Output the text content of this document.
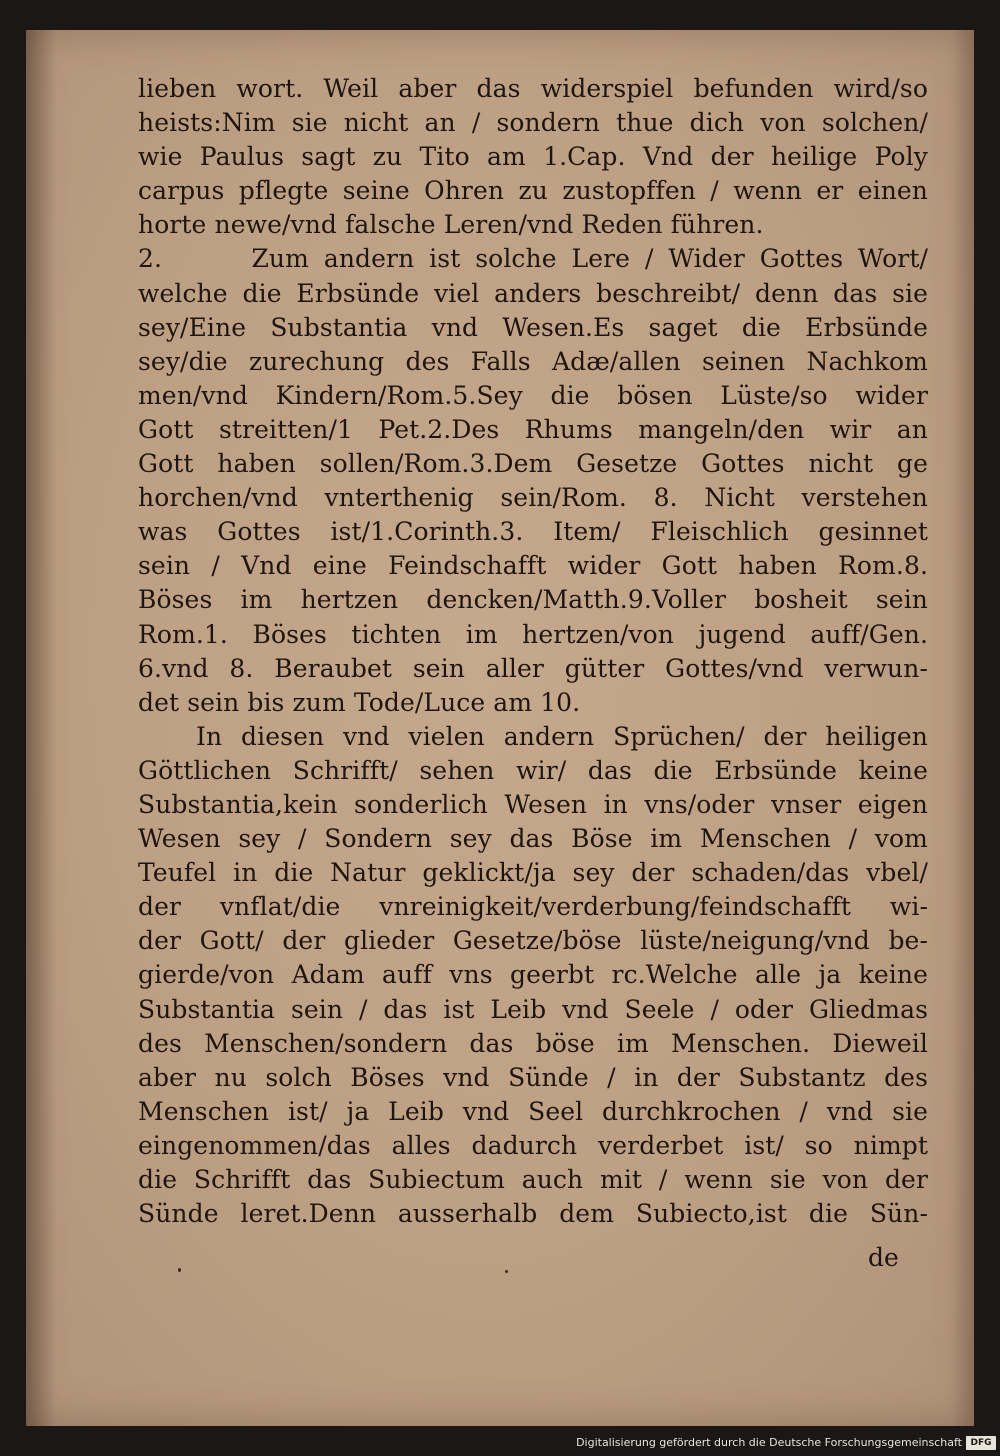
lieben wort. Weil aber das widerspiel befunden wird/so
heists:Nim sie nicht an / sondern thue dich von solchen/
wie Paulus sagt zu Tito am 1.Cap. Vnd der heilige Poly
carpus pflegte seine Ohren zu zustopffen / wenn er einen
horte newe/vnd falsche Leren/vnd Reden führen.
2.      Zum andern ist solche Lere / Wider Gottes Wort/
welche die Erbsünde viel anders beschreibt/ denn das sie
sey/Eine Substantia vnd Wesen.Es saget die Erbsünde
sey/die zurechung des Falls Adæ/allen seinen Nachkom
men/vnd Kindern/Rom.5.Sey die bösen Lüste/so wider
Gott streitten/1 Pet.2.Des Rhums mangeln/den wir an
Gott haben sollen/Rom.3.Dem Gesetze Gottes nicht ge
horchen/vnd vnterthenig sein/Rom. 8. Nicht verstehen
was Gottes ist/1.Corinth.3. Item/ Fleischlich gesinnet
sein / Vnd eine Feindschafft wider Gott haben Rom.8.
Böses im hertzen dencken/Matth.9.Voller bosheit sein
Rom.1. Böses tichten im hertzen/von jugend auff/Gen.
6.vnd 8. Beraubet sein aller gütter Gottes/vnd verwun-
det sein bis zum Tode/Luce am 10.
In diesen vnd vielen andern Sprüchen/ der heiligen
Göttlichen Schrifft/ sehen wir/ das die Erbsünde keine
Substantia,kein sonderlich Wesen in vns/oder vnser eigen
Wesen sey / Sondern sey das Böse im Menschen / vom
Teufel in die Natur geklickt/ja sey der schaden/das vbel/
der vnflat/die vnreinigkeit/verderbung/feindschafft wi-
der Gott/ der glieder Gesetze/böse lüste/neigung/vnd be-
gierde/von Adam auff vns geerbt rc.Welche alle ja keine
Substantia sein / das ist Leib vnd Seele / oder Gliedmas
des Menschen/sondern das böse im Menschen. Dieweil
aber nu solch Böses vnd Sünde / in der Substantz des
Menschen ist/ ja Leib vnd Seel durchkrochen / vnd sie
eingenommen/das alles dadurch verderbet ist/ so nimpt
die Schrifft das Subiectum auch mit / wenn sie von der
Sünde leret.Denn ausserhalb dem Subiecto,ist die Sün-
de
Digitalisierung gefördert durch die Deutsche Forschungsgemeinschaft DFG
